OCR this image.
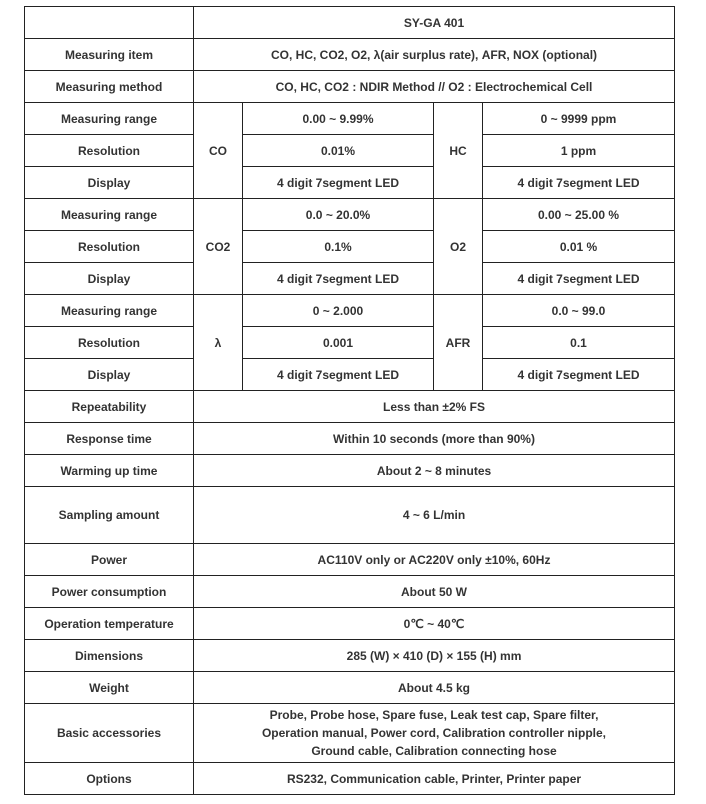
	SY-GA 401			
Measuring item	CO, HC, CO2, O2, λ(air surplus rate), AFR, NOX (optional)			
Measuring method	CO, HC, CO2 : NDIR Method // O2 : Electrochemical Cell			
Measuring range	CO	0.00 ~ 9.99%	HC	0 ~ 9999 ppm
Resolution		0.01%		1 ppm
Display		4 digit 7segment LED		4 digit 7segment LED
Measuring range	CO2	0.0 ~ 20.0%	O2	0.00 ~ 25.00 %
Resolution		0.1%		0.01 %
Display		4 digit 7segment LED		4 digit 7segment LED
Measuring range	λ	0 ~ 2.000	AFR	0.0 ~ 99.0
Resolution		0.001		0.1
Display		4 digit 7segment LED		4 digit 7segment LED
Repeatability	Less than ±2% FS			
Response time	Within 10 seconds (more than 90%)			
Warming up time	About 2 ~ 8 minutes			
Sampling amount	4 ~ 6 L/min			
Power	AC110V only or AC220V only ±10%, 60Hz			
Power consumption	About 50 W			
Operation temperature	0℃ ~ 40℃			
Dimensions	285 (W) × 410 (D) × 155 (H) mm			
Weight	About 4.5 kg			
Basic accessories	Probe, Probe hose, Spare fuse, Leak test cap, Spare filter,
Operation manual, Power cord, Calibration controller nipple,
Ground cable, Calibration connecting hose			

Options	RS232, Communication cable, Printer, Printer paper			
